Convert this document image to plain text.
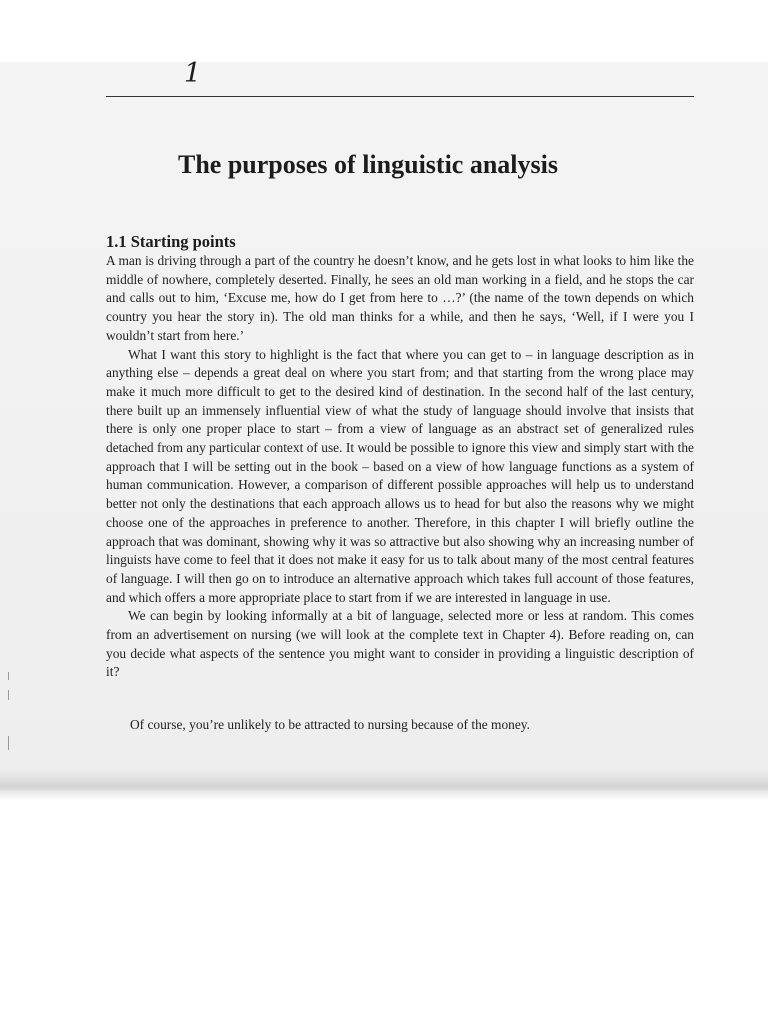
1
The purposes of linguistic analysis
1.1 Starting points

A man is driving through a part of the country he doesn’t know, and he gets lost in what looks to him like the middle of nowhere, completely deserted. Finally, he sees an old man working in a field, and he stops the car and calls out to him, ‘Excuse me, how do I get from here to …?’ (the name of the town depends on which country you hear the story in). The old man thinks for a while, and then he says, ‘Well, if I were you I wouldn’t start from here.’

What I want this story to highlight is the fact that where you can get to – in language description as in anything else – depends a great deal on where you start from; and that starting from the wrong place may make it much more difficult to get to the desired kind of destination. In the second half of the last century, there built up an immensely influential view of what the study of language should involve that insists that there is only one proper place to start – from a view of language as an abstract set of generalized rules detached from any particular context of use. It would be possible to ignore this view and simply start with the approach that I will be setting out in the book – based on a view of how language functions as a system of human communication. However, a comparison of different possible approaches will help us to understand better not only the destinations that each approach allows us to head for but also the reasons why we might choose one of the approaches in preference to another. Therefore, in this chapter I will briefly outline the approach that was dominant, showing why it was so attractive but also showing why an increasing number of linguists have come to feel that it does not make it easy for us to talk about many of the most central features of language. I will then go on to introduce an alternative approach which takes full account of those features, and which offers a more appropriate place to start from if we are interested in language in use.

We can begin by looking informally at a bit of language, selected more or less at random. This comes from an advertisement on nursing (we will look at the complete text in Chapter 4). Before reading on, can you decide what aspects of the sentence you might want to consider in providing a linguistic description of it?

Of course, you’re unlikely to be attracted to nursing because of the money.
